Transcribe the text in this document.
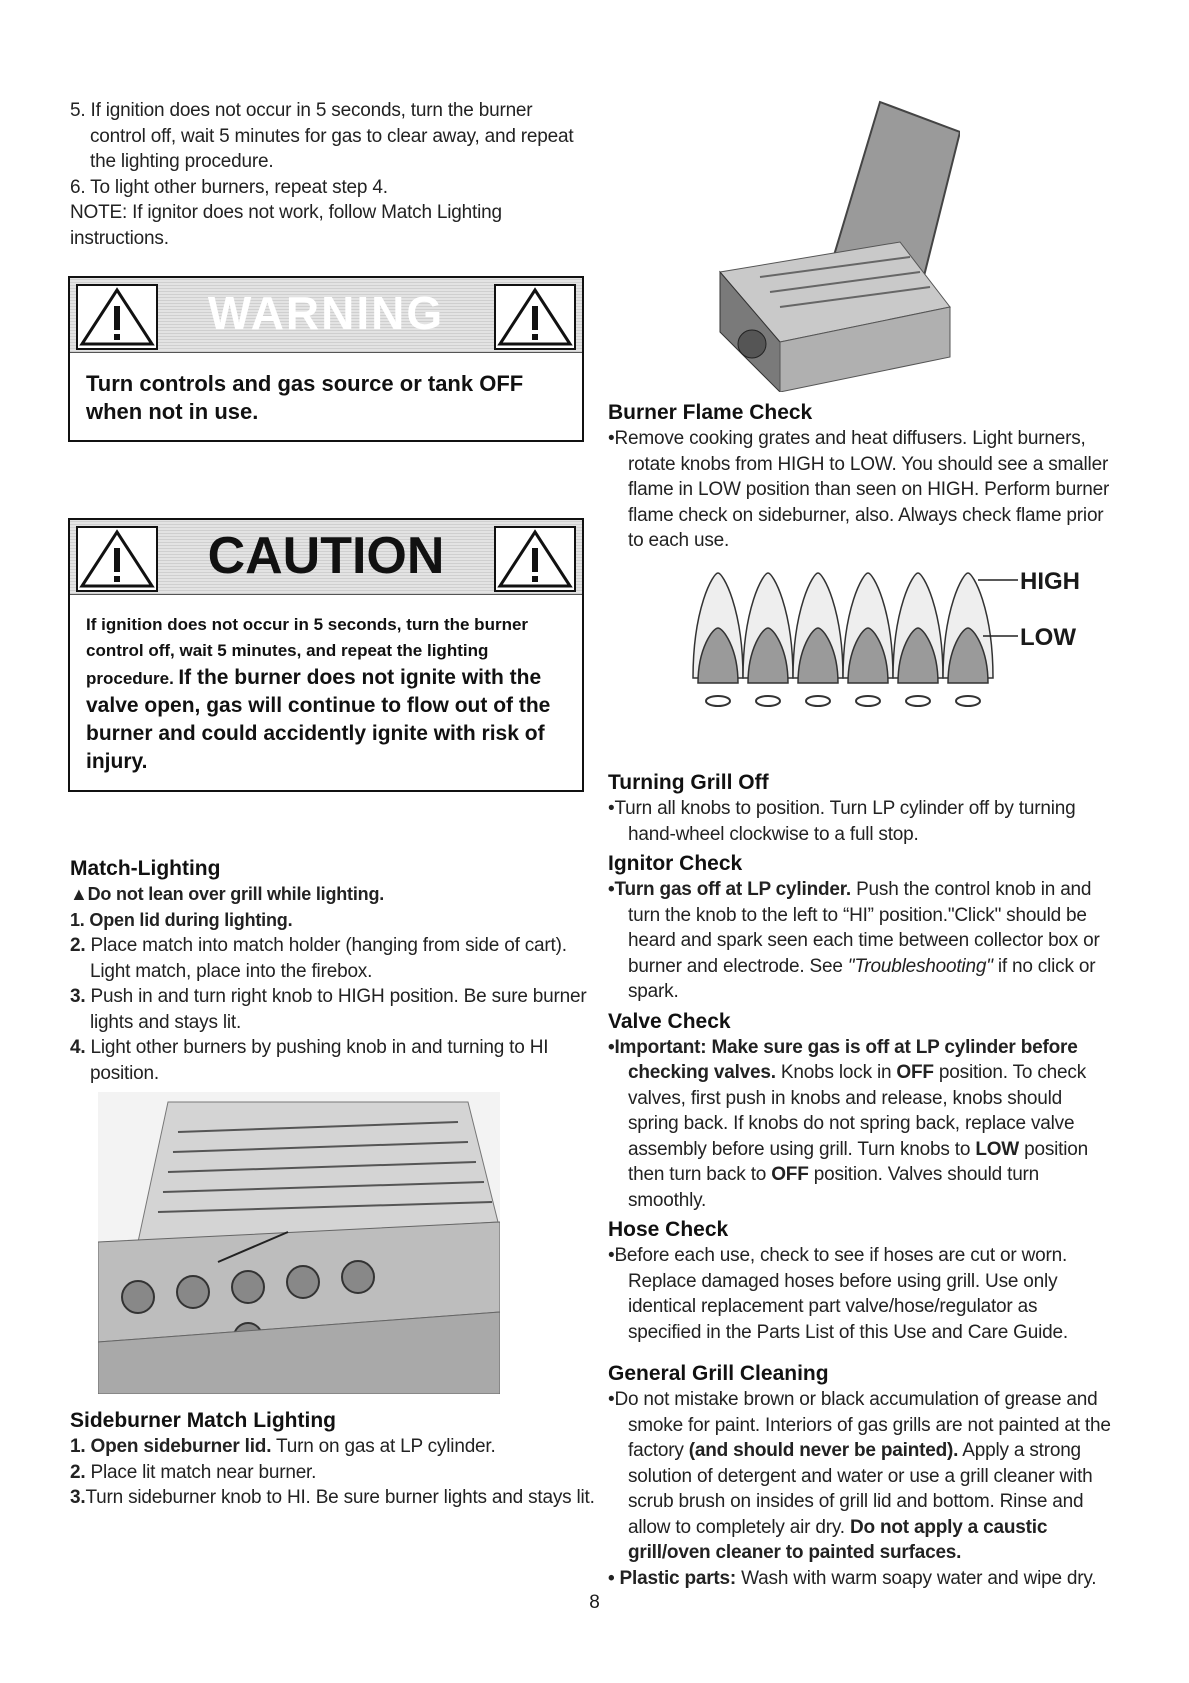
5. If ignition does not occur in 5 seconds, turn the burner

control off, wait 5 minutes for gas to clear away, and repeat

the lighting procedure.

6. To light other burners, repeat step 4.

NOTE: If ignitor does not work, follow Match Lighting

instructions.

WARNING
Turn controls and gas source or tank OFF when not in use.
CAUTION
If ignition does not occur in 5 seconds, turn the burner control off, wait 5 minutes, and repeat the lighting procedure. If the burner does not ignite with the valve open, gas will continue to flow out of the burner and could accidently ignite with risk of injury.

Match-Lighting

▲Do not lean over grill while lighting.

1. Open lid during lighting.

2. Place match into match holder (hanging from side of cart). Light match, place into the firebox.

3. Push in and turn right knob to HIGH position. Be sure burner lights and stays lit.

4. Light other burners by pushing knob in and turning to HI position.

Sideburner Match Lighting

1. Open sideburner lid. Turn on gas at LP cylinder.

2. Place lit match near burner.

3.Turn sideburner knob to HI. Be sure burner lights and stays lit.

Burner Flame Check

•Remove cooking grates and heat diffusers. Light burners, rotate knobs from HIGH to LOW. You should see a smaller flame in LOW position than seen on HIGH. Perform burner flame check on sideburner, also. Always check flame prior to each use.

HIGH
LOW

Turning Grill Off

•Turn all knobs to position. Turn LP cylinder off by turning hand-wheel clockwise to a full stop.

Ignitor Check

•Turn gas off at LP cylinder. Push the control knob in and turn the knob to the left to “HI” position."Click" should be heard and spark seen each time between collector box or burner and electrode. See "Troubleshooting" if no click or spark.

Valve Check

•Important: Make sure gas is off at LP cylinder before checking valves. Knobs lock in OFF position. To check valves, first push in knobs and release, knobs should spring back. If knobs do not spring back, replace valve assembly before using grill. Turn knobs to LOW position then turn back to OFF position. Valves should turn smoothly.

Hose Check

•Before each use, check to see if hoses are cut or worn. Replace damaged hoses before using grill. Use only identical replacement part valve/hose/regulator as specified in the Parts List of this Use and Care Guide.

General Grill Cleaning

•Do not mistake brown or black accumulation of grease and smoke for paint. Interiors of gas grills are not painted at the factory (and should never be painted). Apply a strong solution of detergent and water or use a grill cleaner with scrub brush on insides of grill lid and bottom. Rinse and allow to completely air dry. Do not apply a caustic grill/oven cleaner to painted surfaces.

• Plastic parts: Wash with warm soapy water and wipe dry.

8
